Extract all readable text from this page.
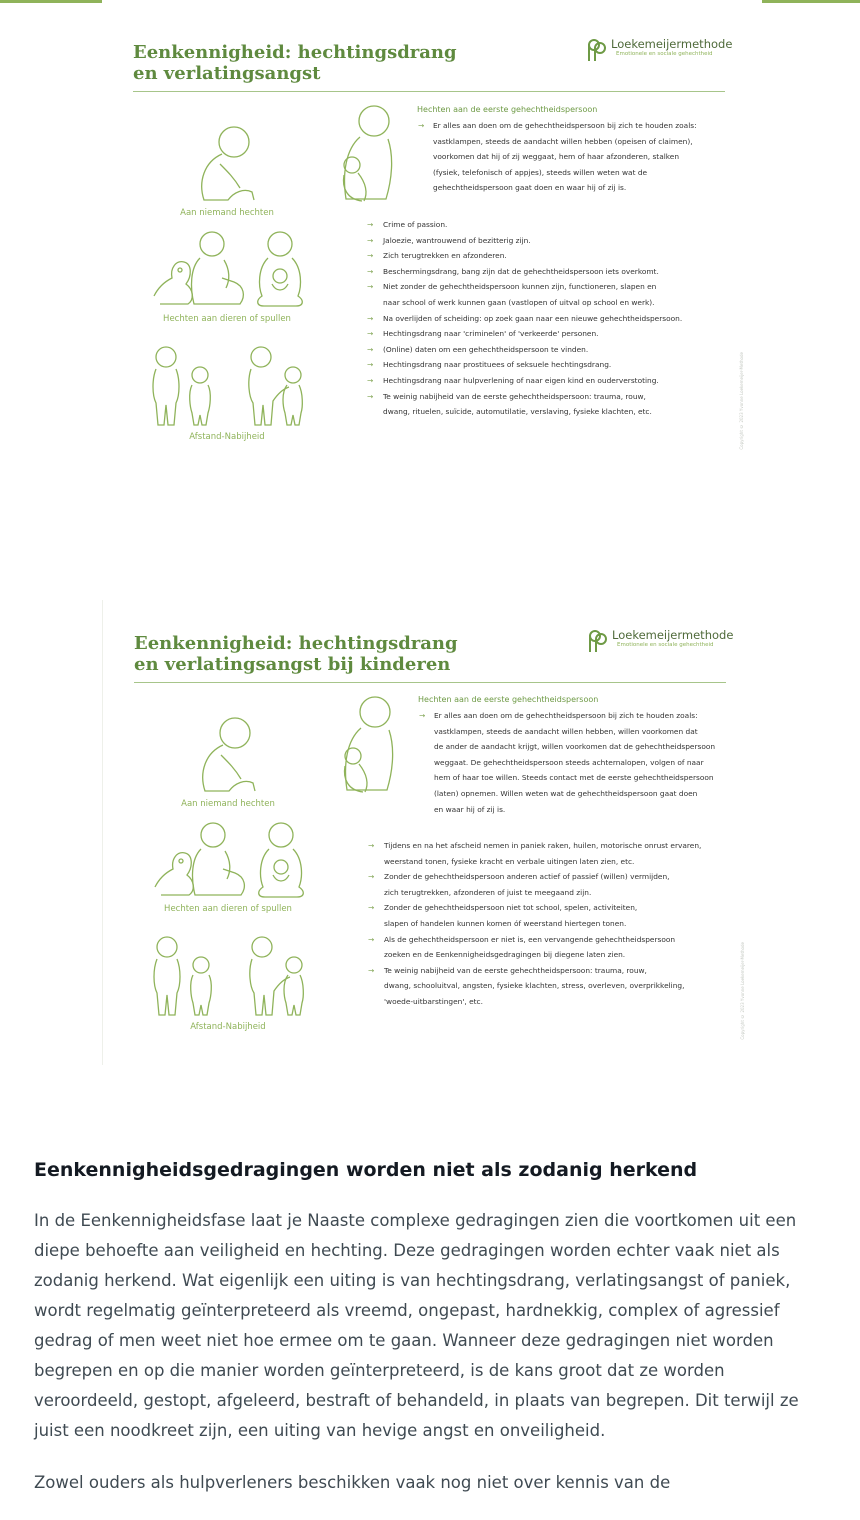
Eenkennigheid: hechtingsdrang
en verlatingsangst
Loekemeijermethode
Emotionele en sociale gehechtheid
Aan niemand hechten
Hechten aan dieren of spullen
Afstand-Nabijheid
Hechten aan de eerste gehechtheidspersoon
→ Er alles aan doen om de gehechtheidspersoon bij zich te houden zoals:
vastklampen, steeds de aandacht willen hebben (opeisen of claimen),
voorkomen dat hij of zij weggaat, hem of haar afzonderen, stalken
(fysiek, telefonisch of appjes), steeds willen weten wat de
gehechtheidspersoon gaat doen en waar hij of zij is.
→ Crime of passion.
→ Jaloezie, wantrouwend of bezitterig zijn.
→ Zich terugtrekken en afzonderen.
→ Beschermingsdrang, bang zijn dat de gehechtheidspersoon iets overkomt.
→ Niet zonder de gehechtheidspersoon kunnen zijn, functioneren, slapen en
naar school of werk kunnen gaan (vastlopen of uitval op school en werk).
→ Na overlijden of scheiding: op zoek gaan naar een nieuwe gehechtheidspersoon.
→ Hechtingsdrang naar 'criminelen' of 'verkeerde' personen.
→ (Online) daten om een gehechtheidspersoon te vinden.
→ Hechtingsdrang naar prostituees of seksuele hechtingsdrang.
→ Hechtingsdrang naar hulpverlening of naar eigen kind en ouderverstoting.
→ Te weinig nabijheid van de eerste gehechtheidspersoon: trauma, rouw,
dwang, rituelen, suïcide, automutilatie, verslaving, fysieke klachten, etc.	Copyright © 2023 Yvonne Loekemeijer-Methode
Eenkennigheid: hechtingsdrang
en verlatingsangst bij kinderen
Loekemeijermethode
Emotionele en sociale gehechtheid
Aan niemand hechten
Hechten aan dieren of spullen
Afstand-Nabijheid
Hechten aan de eerste gehechtheidspersoon
→ Er alles aan doen om de gehechtheidspersoon bij zich te houden zoals:
vastklampen, steeds de aandacht willen hebben, willen voorkomen dat
de ander de aandacht krijgt, willen voorkomen dat de gehechtheidspersoon
weggaat. De gehechtheidspersoon steeds achternalopen, volgen of naar
hem of haar toe willen. Steeds contact met de eerste gehechtheidspersoon
(laten) opnemen. Willen weten wat de gehechtheidspersoon gaat doen
en waar hij of zij is.
→ Tijdens en na het afscheid nemen in paniek raken, huilen, motorische onrust ervaren,
weerstand tonen, fysieke kracht en verbale uitingen laten zien, etc.
→ Zonder de gehechtheidspersoon anderen actief of passief (willen) vermijden,
zich terugtrekken, afzonderen of juist te meegaand zijn.
→ Zonder de gehechtheidspersoon niet tot school, spelen, activiteiten,
slapen of handelen kunnen komen óf weerstand hiertegen tonen.
→ Als de gehechtheidspersoon er niet is, een vervangende gehechtheidspersoon
zoeken en de Eenkennigheidsgedragingen bij diegene laten zien.
→ Te weinig nabijheid van de eerste gehechtheidspersoon: trauma, rouw,
dwang, schooluitval, angsten, fysieke klachten, stress, overleven, overprikkeling,
'woede-uitbarstingen', etc.	Copyright © 2023 Yvonne Loekemeijer-Methode
Eenkennigheidsgedragingen worden niet als zodanig herkend

In de Eenkennigheidsfase laat je Naaste complexe gedragingen zien die voortkomen uit een
diepe behoefte aan veiligheid en hechting. Deze gedragingen worden echter vaak niet als
zodanig herkend. Wat eigenlijk een uiting is van hechtingsdrang, verlatingsangst of paniek,
wordt regelmatig geïnterpreteerd als vreemd, ongepast, hardnekkig, complex of agressief
gedrag of men weet niet hoe ermee om te gaan. Wanneer deze gedragingen niet worden
begrepen en op die manier worden geïnterpreteerd, is de kans groot dat ze worden
veroordeeld, gestopt, afgeleerd, bestraft of behandeld, in plaats van begrepen. Dit terwijl ze
juist een noodkreet zijn, een uiting van hevige angst en onveiligheid.

Zowel ouders als hulpverleners beschikken vaak nog niet over kennis van de
